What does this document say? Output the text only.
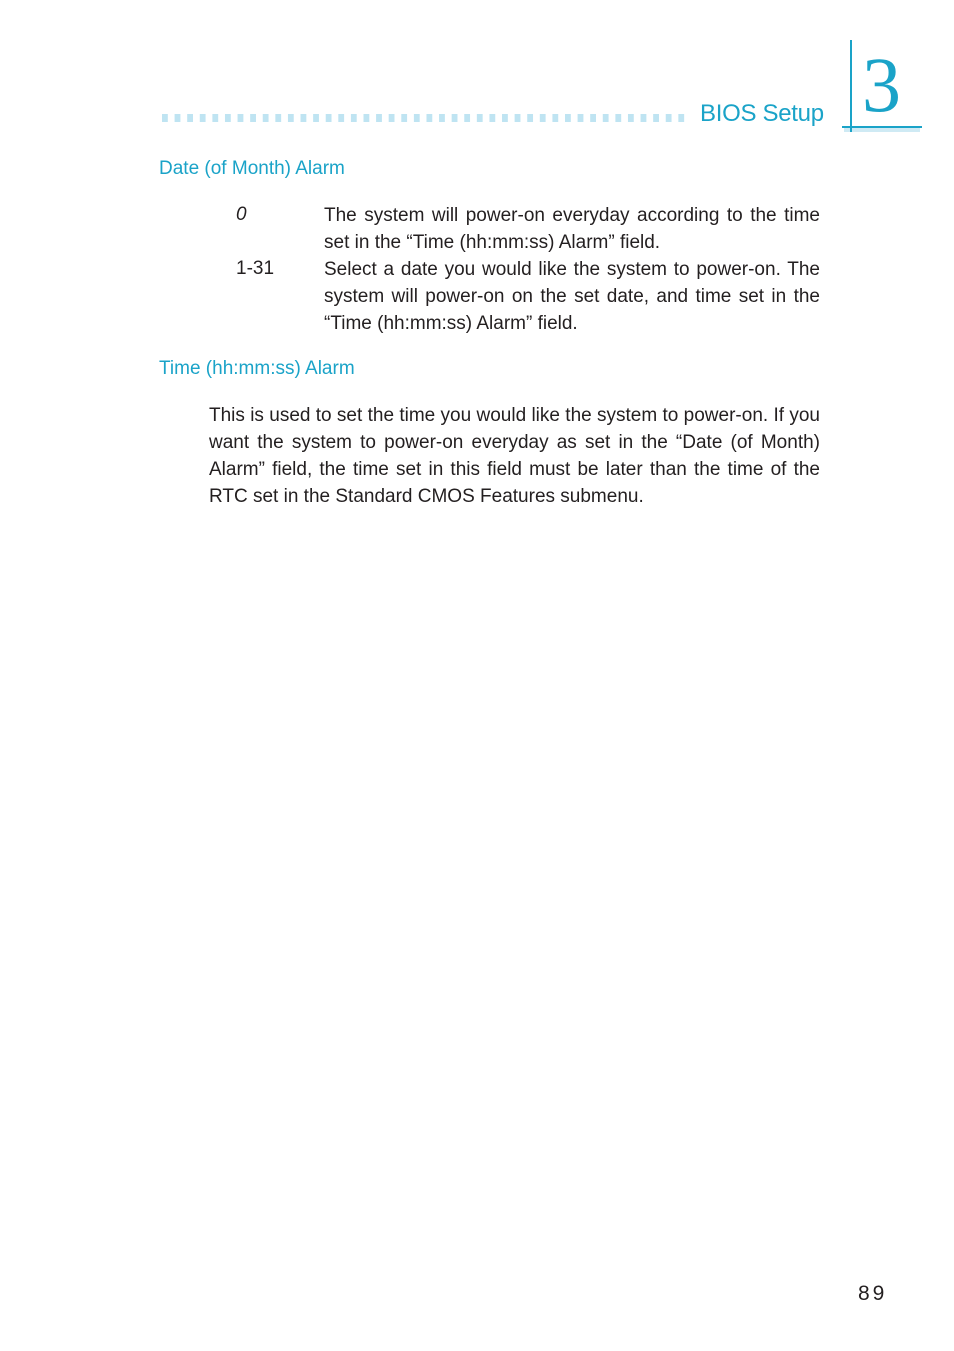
BIOS Setup 3
Date (of Month) Alarm
0	The system will power-on everyday according to the time set in the “Time (hh:mm:ss) Alarm” field.
1-31	Select a date you would like the system to power-on. The system will power-on on the set date, and time set in the “Time (hh:mm:ss) Alarm” field.
Time (hh:mm:ss) Alarm
This is used to set the time you would like the system to power-on. If you want the system to power-on everyday as set in the “Date (of Month) Alarm” field, the time set in this field must be later than the time of the RTC set in the Standard CMOS Features submenu.
89
